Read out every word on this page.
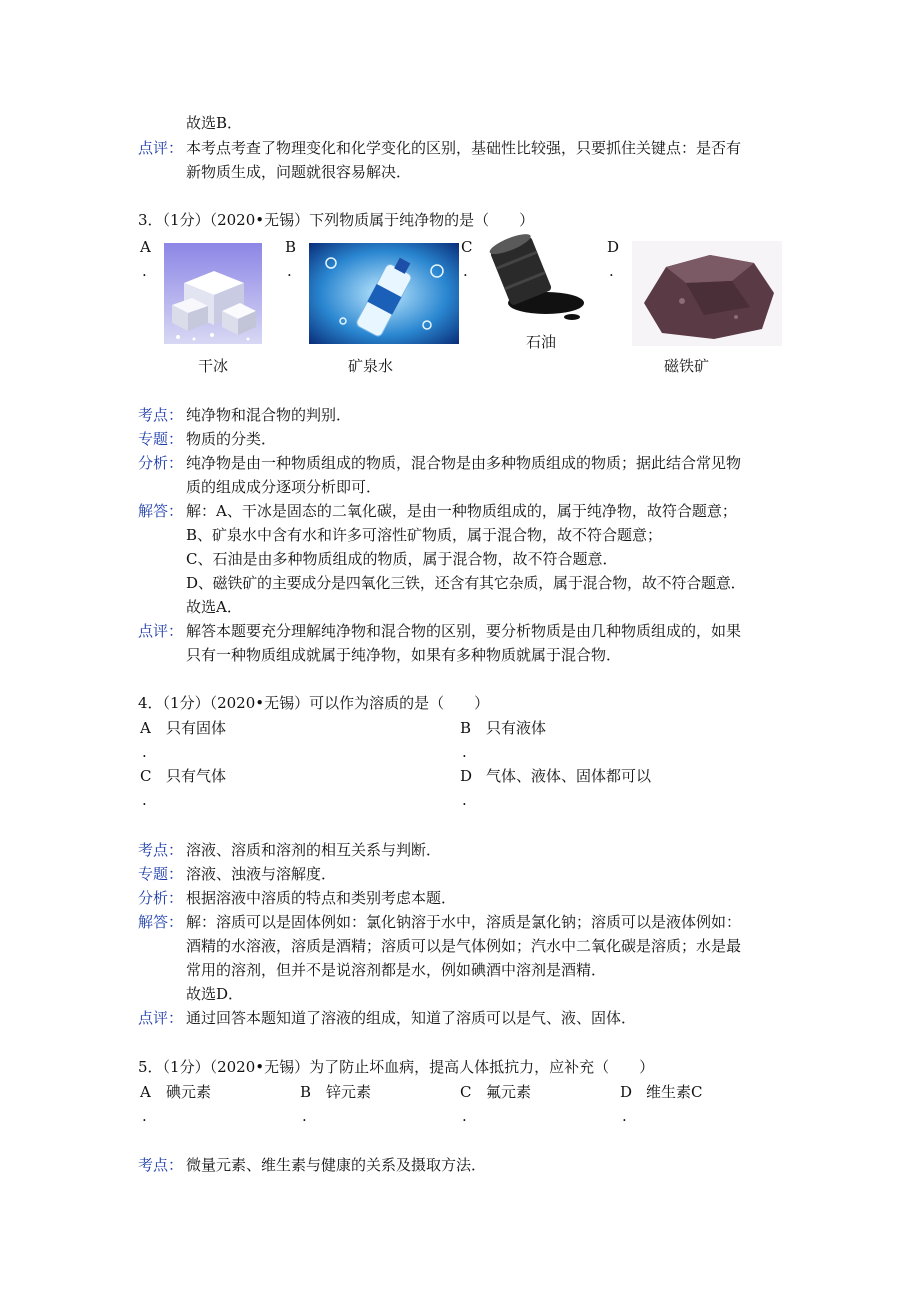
故选B．
点评： 本考点考查了物理变化和化学变化的区别，基础性比较强，只要抓住关键点：是否有
新物质生成，问题就很容易解决．
3．（1分）（2020•无锡）下列物质属于纯净物的是（　　）
A
.
B
.
C
.
D
.
干冰	矿泉水
石油
磁铁矿
考点： 纯净物和混合物的判别．
专题： 物质的分类．
分析： 纯净物是由一种物质组成的物质，混合物是由多种物质组成的物质；据此结合常见物
质的组成成分逐项分析即可．
解答： 解：A、干冰是固态的二氧化碳，是由一种物质组成的，属于纯净物，故符合题意；
B、矿泉水中含有水和许多可溶性矿物质，属于混合物，故不符合题意；
C、石油是由多种物质组成的物质，属于混合物，故不符合题意．
D、磁铁矿的主要成分是四氧化三铁，还含有其它杂质，属于混合物，故不符合题意．
故选A．
点评： 解答本题要充分理解纯净物和混合物的区别，要分析物质是由几种物质组成的，如果
只有一种物质组成就属于纯净物，如果有多种物质就属于混合物．
4．（1分）（2020•无锡）可以作为溶质的是（　　）
A 只有固体
.
B 只有液体
.
C 只有气体
.
D 气体、液体、固体都可以
.
考点： 溶液、溶质和溶剂的相互关系与判断．
专题： 溶液、浊液与溶解度．
分析： 根据溶液中溶质的特点和类别考虑本题．
解答： 解：溶质可以是固体例如：氯化钠溶于水中，溶质是氯化钠；溶质可以是液体例如：
酒精的水溶液，溶质是酒精；溶质可以是气体例如；汽水中二氧化碳是溶质；水是最
常用的溶剂，但并不是说溶剂都是水，例如碘酒中溶剂是酒精．
故选D．
点评： 通过回答本题知道了溶液的组成，知道了溶质可以是气、液、固体．
5．（1分）（2020•无锡）为了防止坏血病，提高人体抵抗力，应补充（　　）
A 碘元素
.
B 锌元素
.
C 氟元素
.
D 维生素C
.
考点： 微量元素、维生素与健康的关系及摄取方法．
